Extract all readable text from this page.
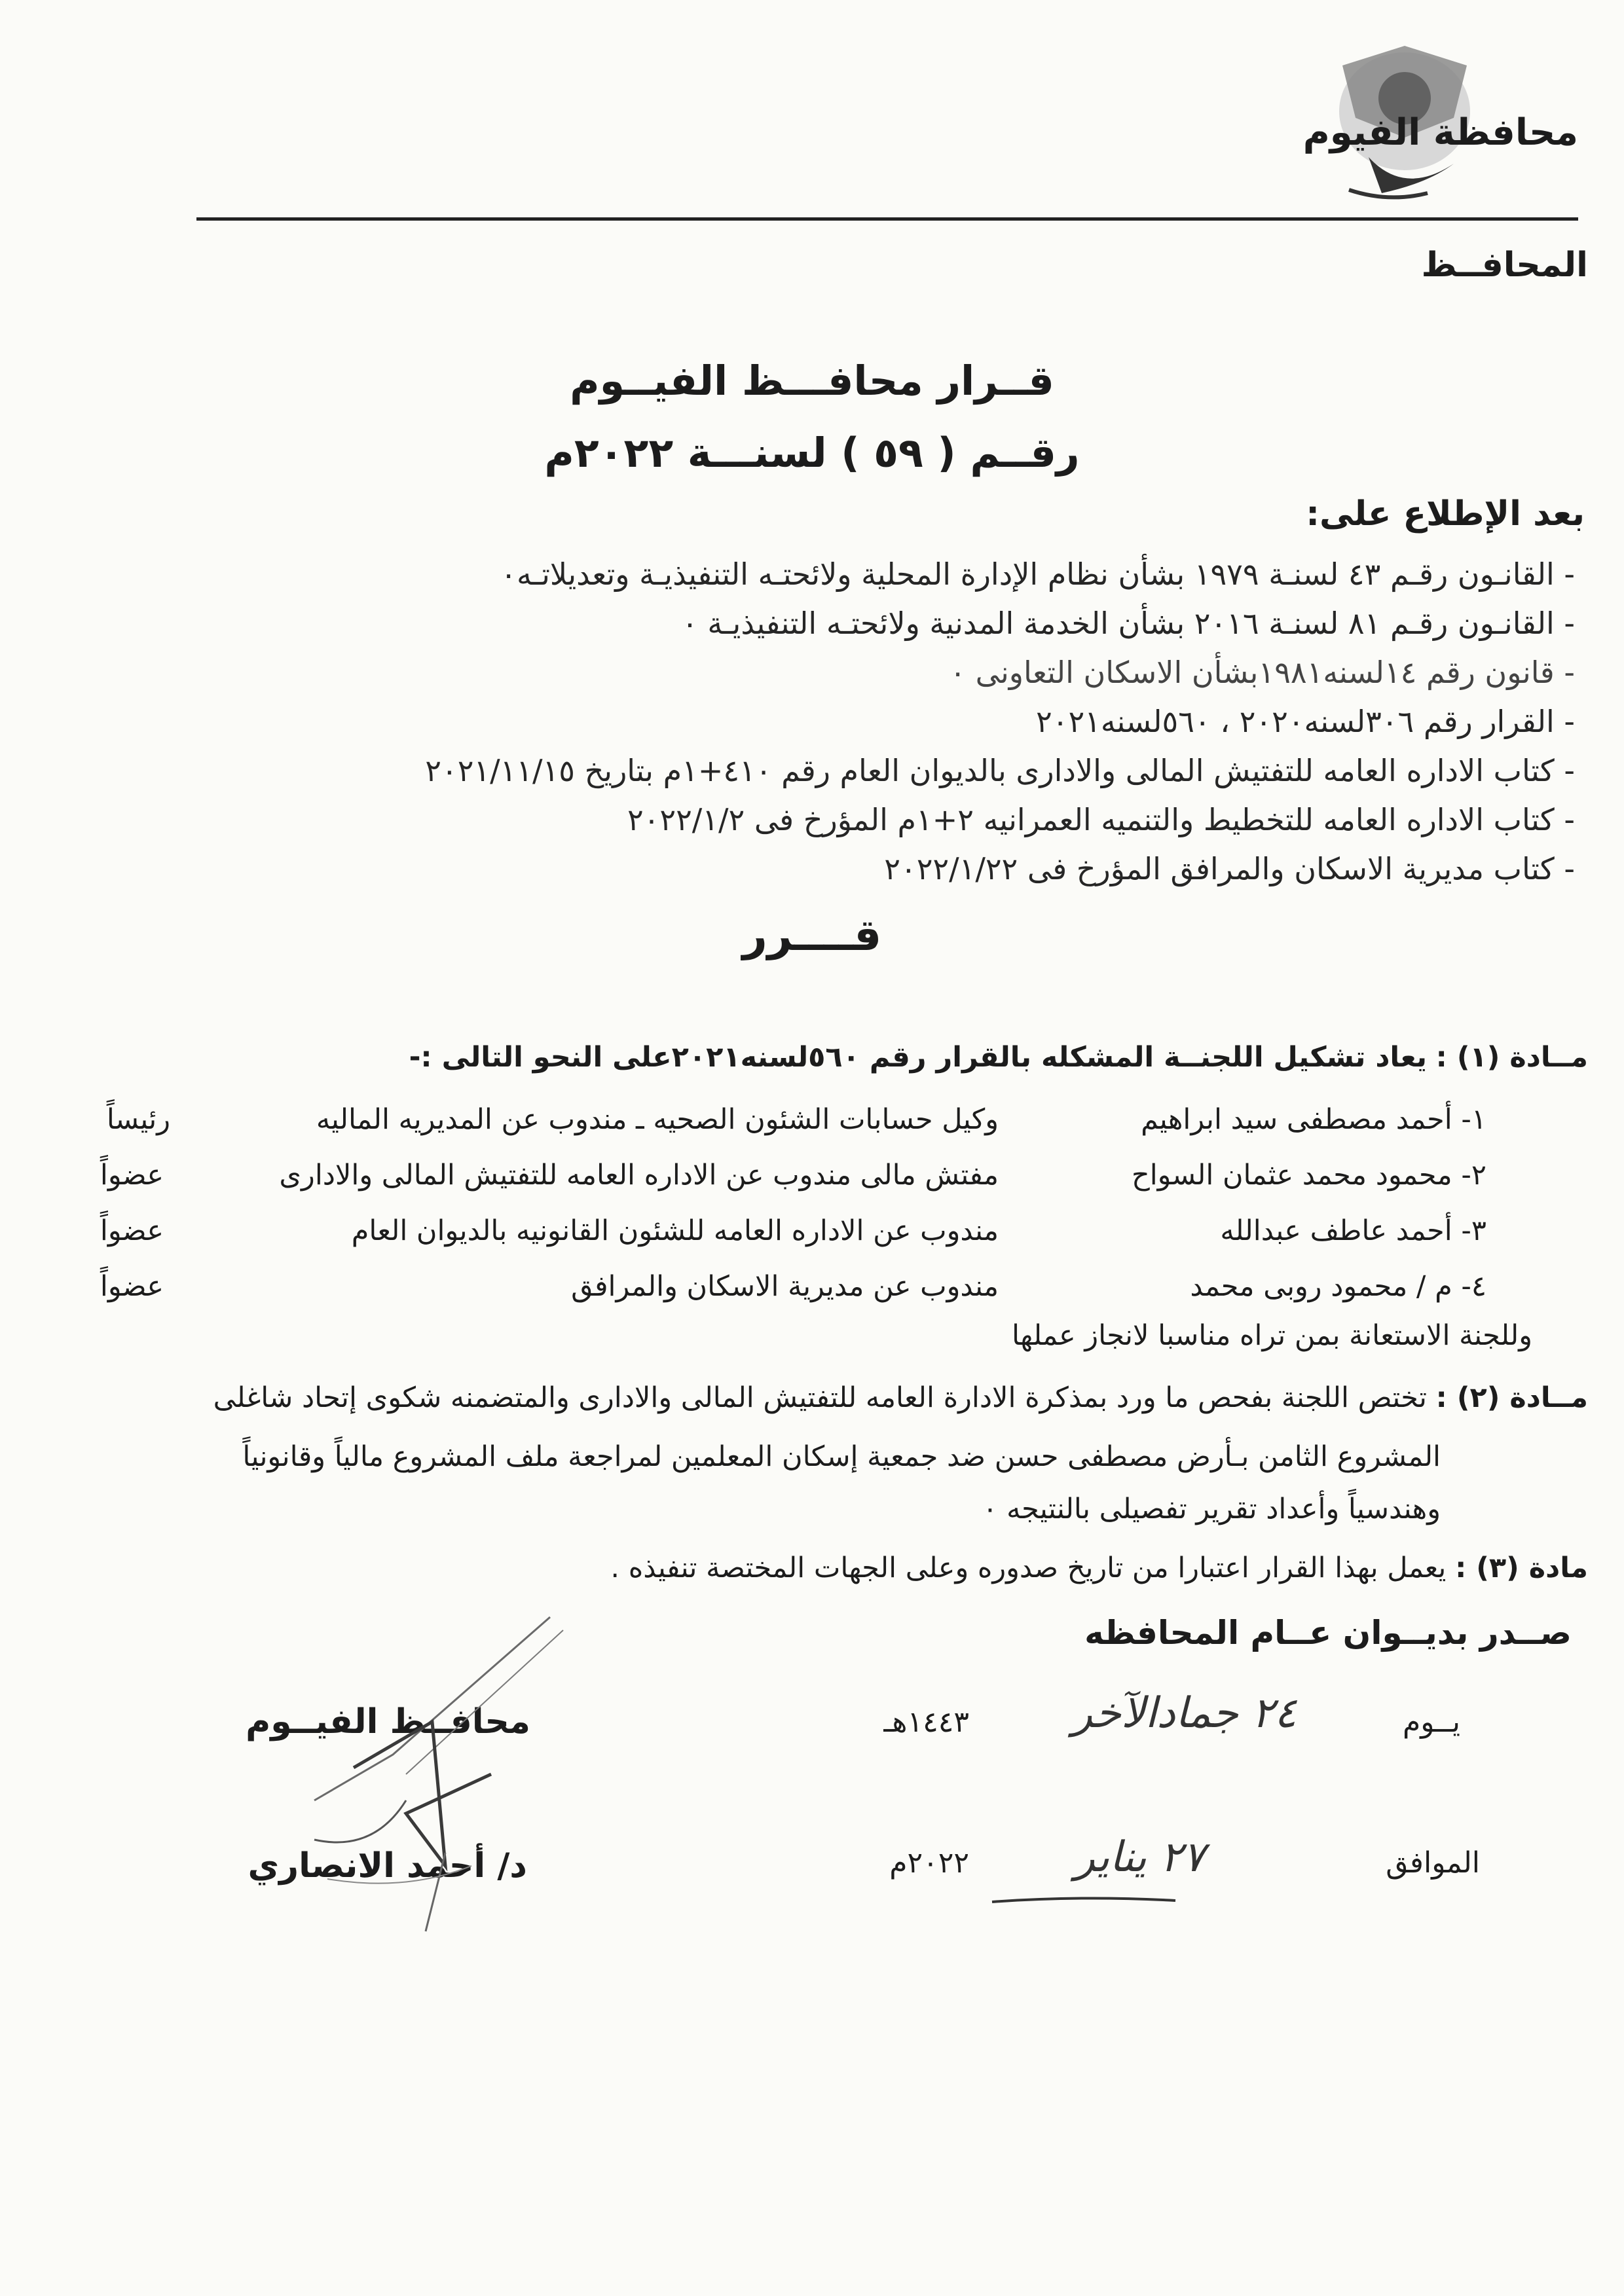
محافظة الفيوم
المحافــظ
قــرار محافـــظ الفيــوم
رقــم ( ٥٩ ) لسنـــة ٢٠٢٢م
بعد الإطلاع على:
- القانـون رقـم ٤٣ لسنـة ١٩٧٩ بشأن نظام الإدارة المحلية ولائحتـه التنفيذيـة وتعديلاتـه٠
- القانـون رقـم ٨١ لسنـة ٢٠١٦ بشأن الخدمة المدنية ولائحتـه التنفيذيـة ٠
- قانون رقم ١٤لسنه١٩٨١بشأن الاسكان التعاونى ٠
- القرار رقم ٣٠٦لسنه٢٠٢٠ ، ٥٦٠لسنه٢٠٢١
- كتاب الاداره العامه للتفتيش المالى والادارى بالديوان العام رقم ٤١٠+١م بتاريخ ٢٠٢١/١١/١٥
- كتاب الاداره العامه للتخطيط والتنميه العمرانيه ٢+١م المؤرخ فى ٢٠٢٢/١/٢
- كتاب مديرية الاسكان والمرافق المؤرخ فى ٢٠٢٢/١/٢٢
قــــرر
مــادة (١) : يعاد تشكيل اللجنــة المشكله بالقرار رقم ٥٦٠لسنه٢٠٢١على النحو التالى :-
١- أحمد مصطفى سيد ابراهيم
وكيل حسابات الشئون الصحيه ـ مندوب عن المديريه الماليه
رئيساً
٢- محمود محمد عثمان السواح
مفتش مالى مندوب عن الاداره العامه للتفتيش المالى والادارى
عضواً
٣- أحمد عاطف عبدالله
مندوب عن الاداره العامه للشئون القانونيه بالديوان العام
عضواً
٤- م / محمود روبى محمد
مندوب عن مديرية الاسكان والمرافق
عضواً
وللجنة الاستعانة بمن تراه مناسبا لانجاز عملها
مــادة (٢) : تختص اللجنة بفحص ما ورد بمذكرة الادارة العامه للتفتيش المالى والادارى والمتضمنه شكوى إتحاد شاغلى
المشروع الثامن بـأرض مصطفى حسن ضد جمعية إسكان المعلمين لمراجعة ملف المشروع مالياً وقانونياً
وهندسياً وأعداد تقرير تفصيلى بالنتيجه ٠
مادة (٣) : يعمل بهذا القرار اعتبارا من تاريخ صدوره وعلى الجهات المختصة تنفيذه .
صــدر بديــوان عــام المحافظه
يــوم
٢٤ جمادالآخر
١٤٤٣هـ
الموافق
٢٧ يناير
٢٠٢٢م
محافــظ الفيــوم
د/ أحمد الانصاري
